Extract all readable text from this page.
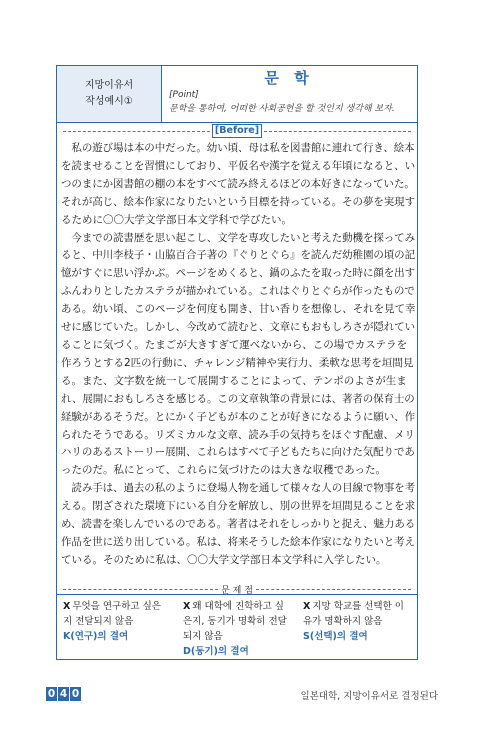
지망이유서
작성예시①
문 학
[Point]
문학을 통하여, 어떠한 사회공헌을 할 것인지 생각해 보자.
[Before]
　私の遊び場は本の中だった。幼い頃、母は私を図書館に連れて行き、絵本
を読ませることを習慣にしており、平仮名や漢字を覚える年頃になると、い
つのまにか図書館の棚の本をすべて読み終えるほどの本好きになっていた。
それが高じ、絵本作家になりたいという目標を持っている。その夢を実現す
るために〇〇大学文学部日本文学科で学びたい。
　今までの読書歴を思い起こし、文学を専攻したいと考えた動機を探ってみ
ると、中川李枝子・山脇百合子著の『ぐりとぐら』を読んだ幼稚園の頃の記
憶がすぐに思い浮かぶ。ページをめくると、鍋のふたを取った時に顔を出す
ふんわりとしたカステラが描かれている。これはぐりとぐらが作ったもので
ある。幼い頃、このページを何度も開き、甘い香りを想像し、それを見て幸
せに感じていた。しかし、今改めて読むと、文章にもおもしろさが隠れてい
ることに気づく。たまごが大きすぎて運べないから、この場でカステラを
作ろうとする2匹の行動に、チャレンジ精神や実行力、柔軟な思考を垣間見
る。また、文字数を統一して展開することによって、テンポのよさが生ま
れ、展開におもしろさを感じる。この文章執筆の背景には、著者の保育士の
経験があるそうだ。とにかく子どもが本のことが好きになるように願い、作
られたそうである。リズミカルな文章、読み手の気持ちをほぐす配慮、メリ
ハリのあるストーリー展開、これらはすべて子どもたちに向けた気配りであ
ったのだ。私にとって、これらに気づけたのは大きな収穫であった。
　読み手は、過去の私のように登場人物を通して様々な人の目線で物事を考
える。閉ざされた環境下にいる自分を解放し、別の世界を垣間見ることを求
め、読書を楽しんでいるのである。著者はそれをしっかりと捉え、魅力ある
作品を世に送り出している。私は、将来そうした絵本作家になりたいと考え
ている。そのために私は、〇〇大学文学部日本文学科に入学したい。
문 제 점
X 무엇을 연구하고 싶은
지 전달되지 않음
K(연구)의 결여
X 왜 대학에 진학하고 싶
은지, 동기가 명확히 전달
되지 않음
D(동기)의 결여
X 지망 학교를 선택한 이
유가 명확하지 않음
S(선택)의 결여
0 4 0	일본대학, 지망이유서로 결정된다
